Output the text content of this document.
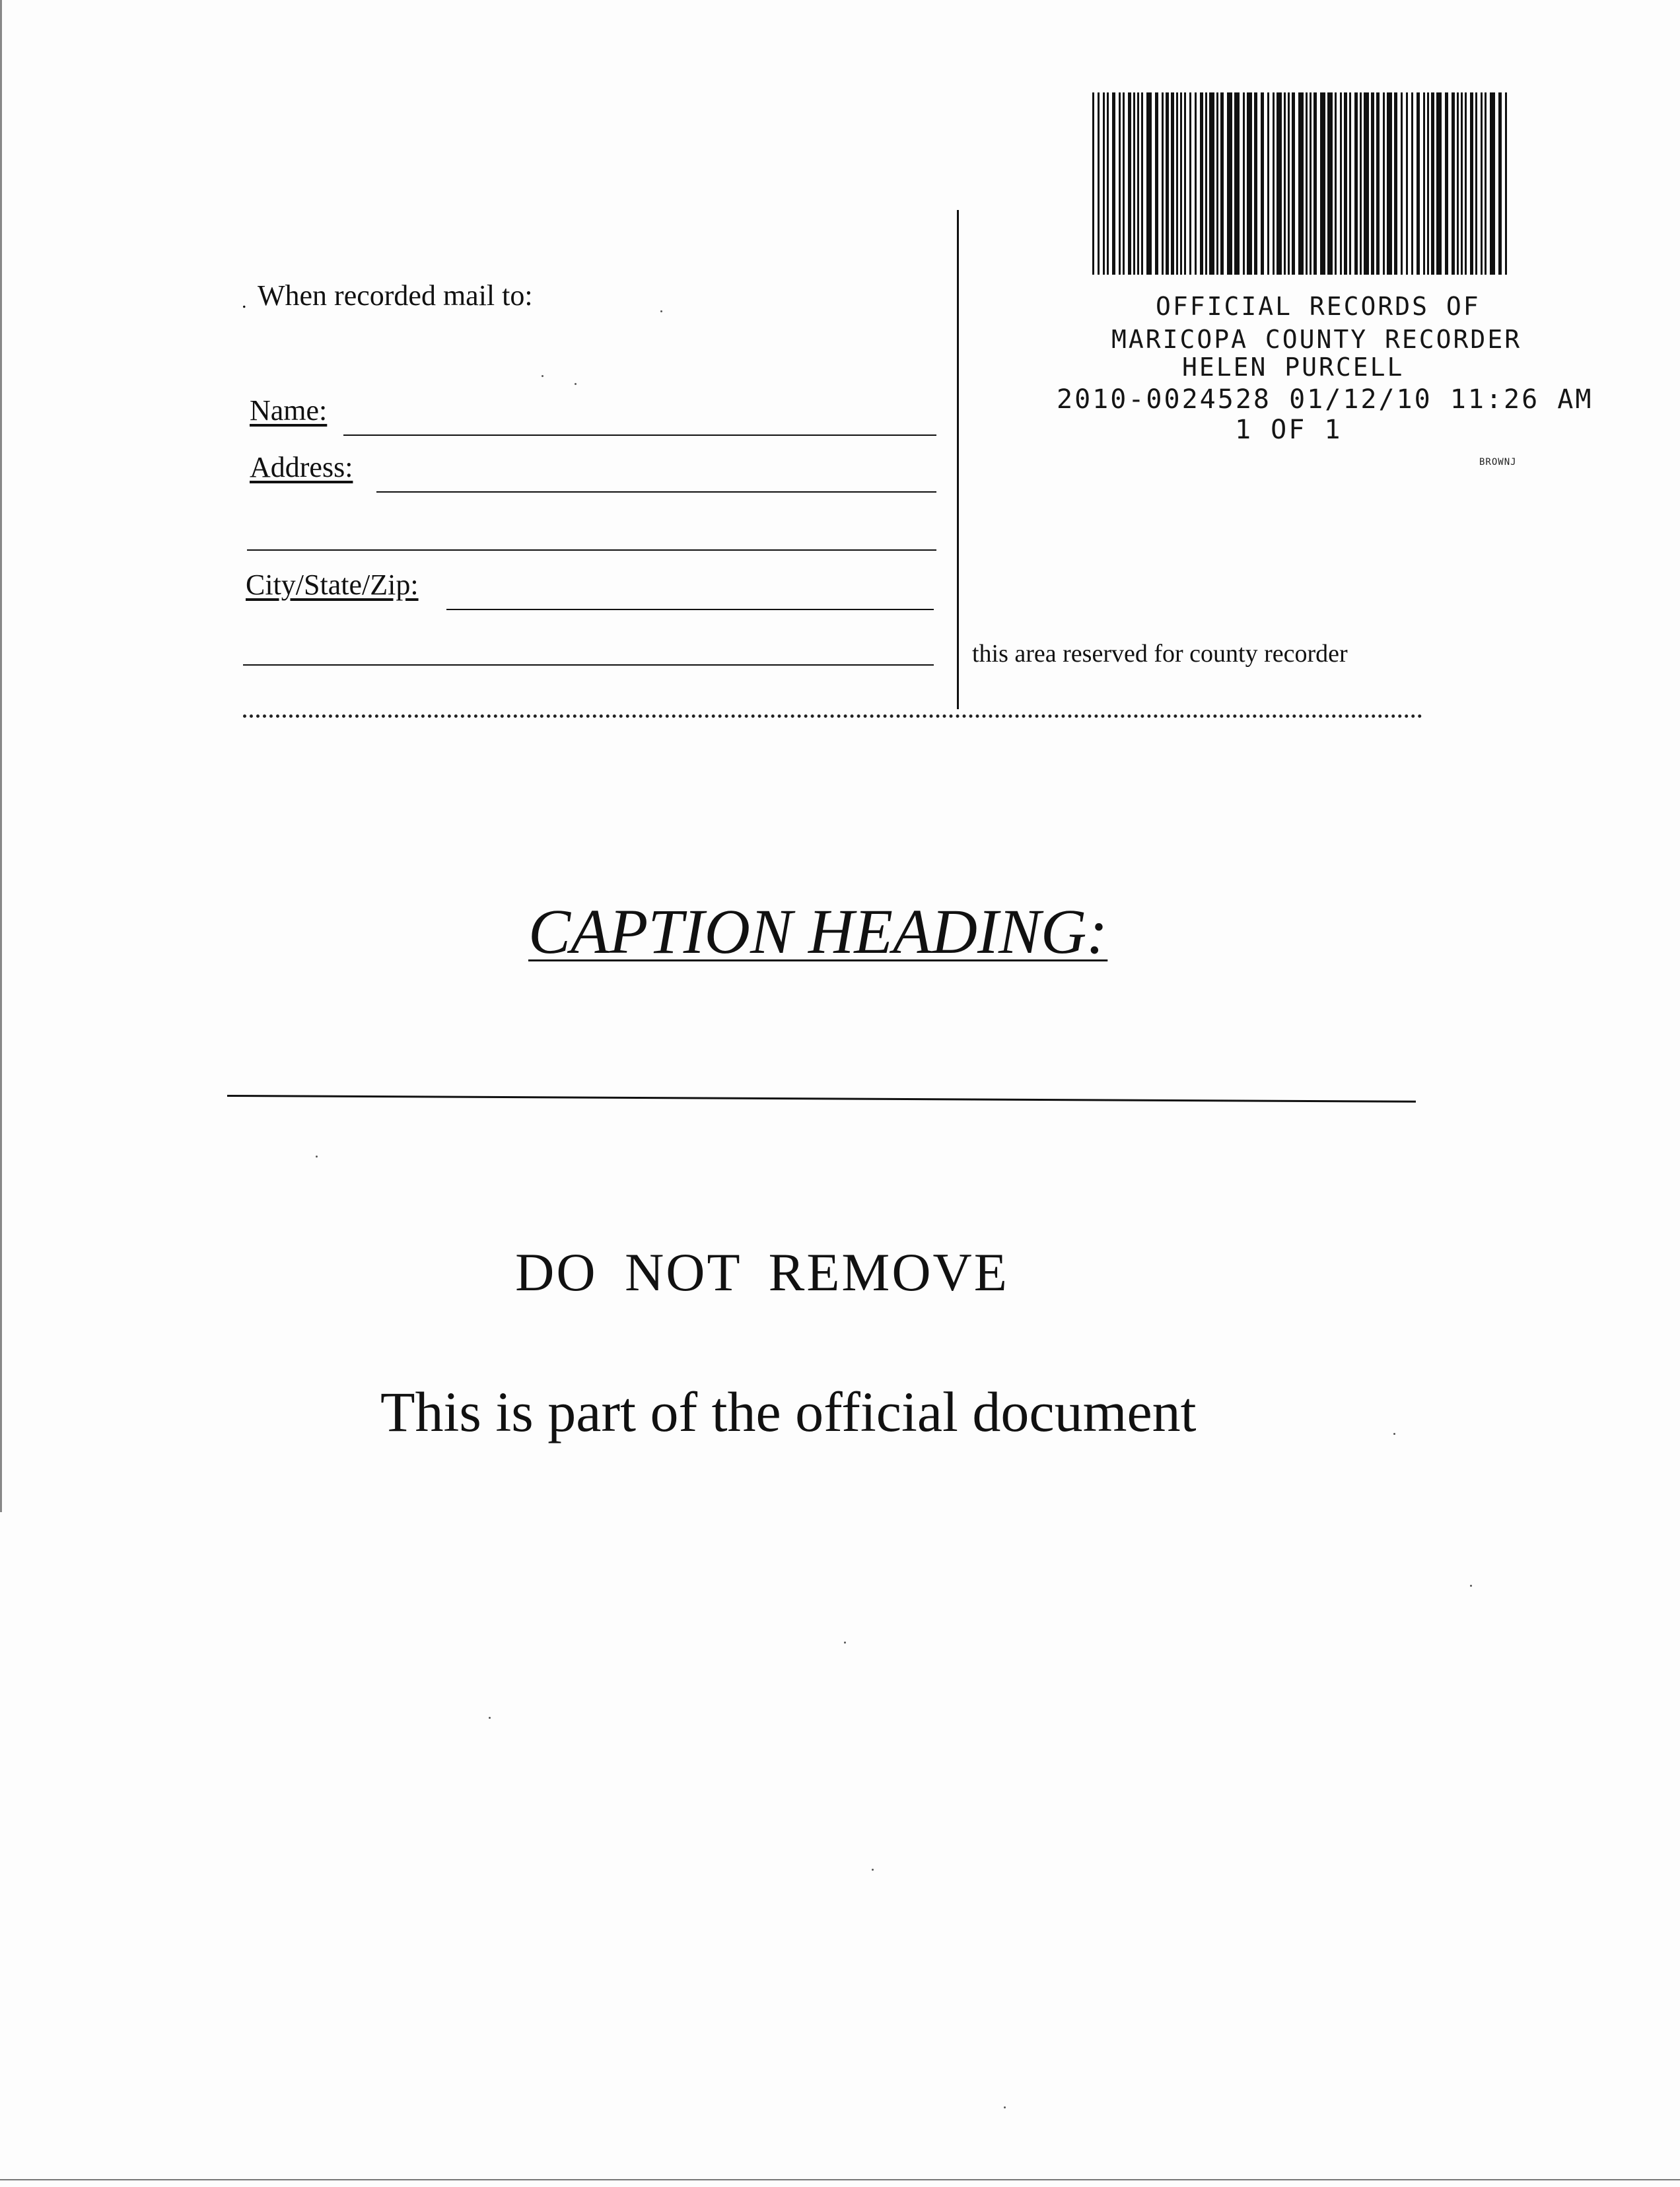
. When recorded mail to:
Name:
Address:
City/State/Zip:
OFFICIAL RECORDS OF
MARICOPA COUNTY RECORDER
HELEN PURCELL
2010-0024528 01/12/10 11:26 AM
1 OF 1
BROWNJ
this area reserved for county recorder
CAPTION HEADING:
DO NOT REMOVE
This is part of the official document
